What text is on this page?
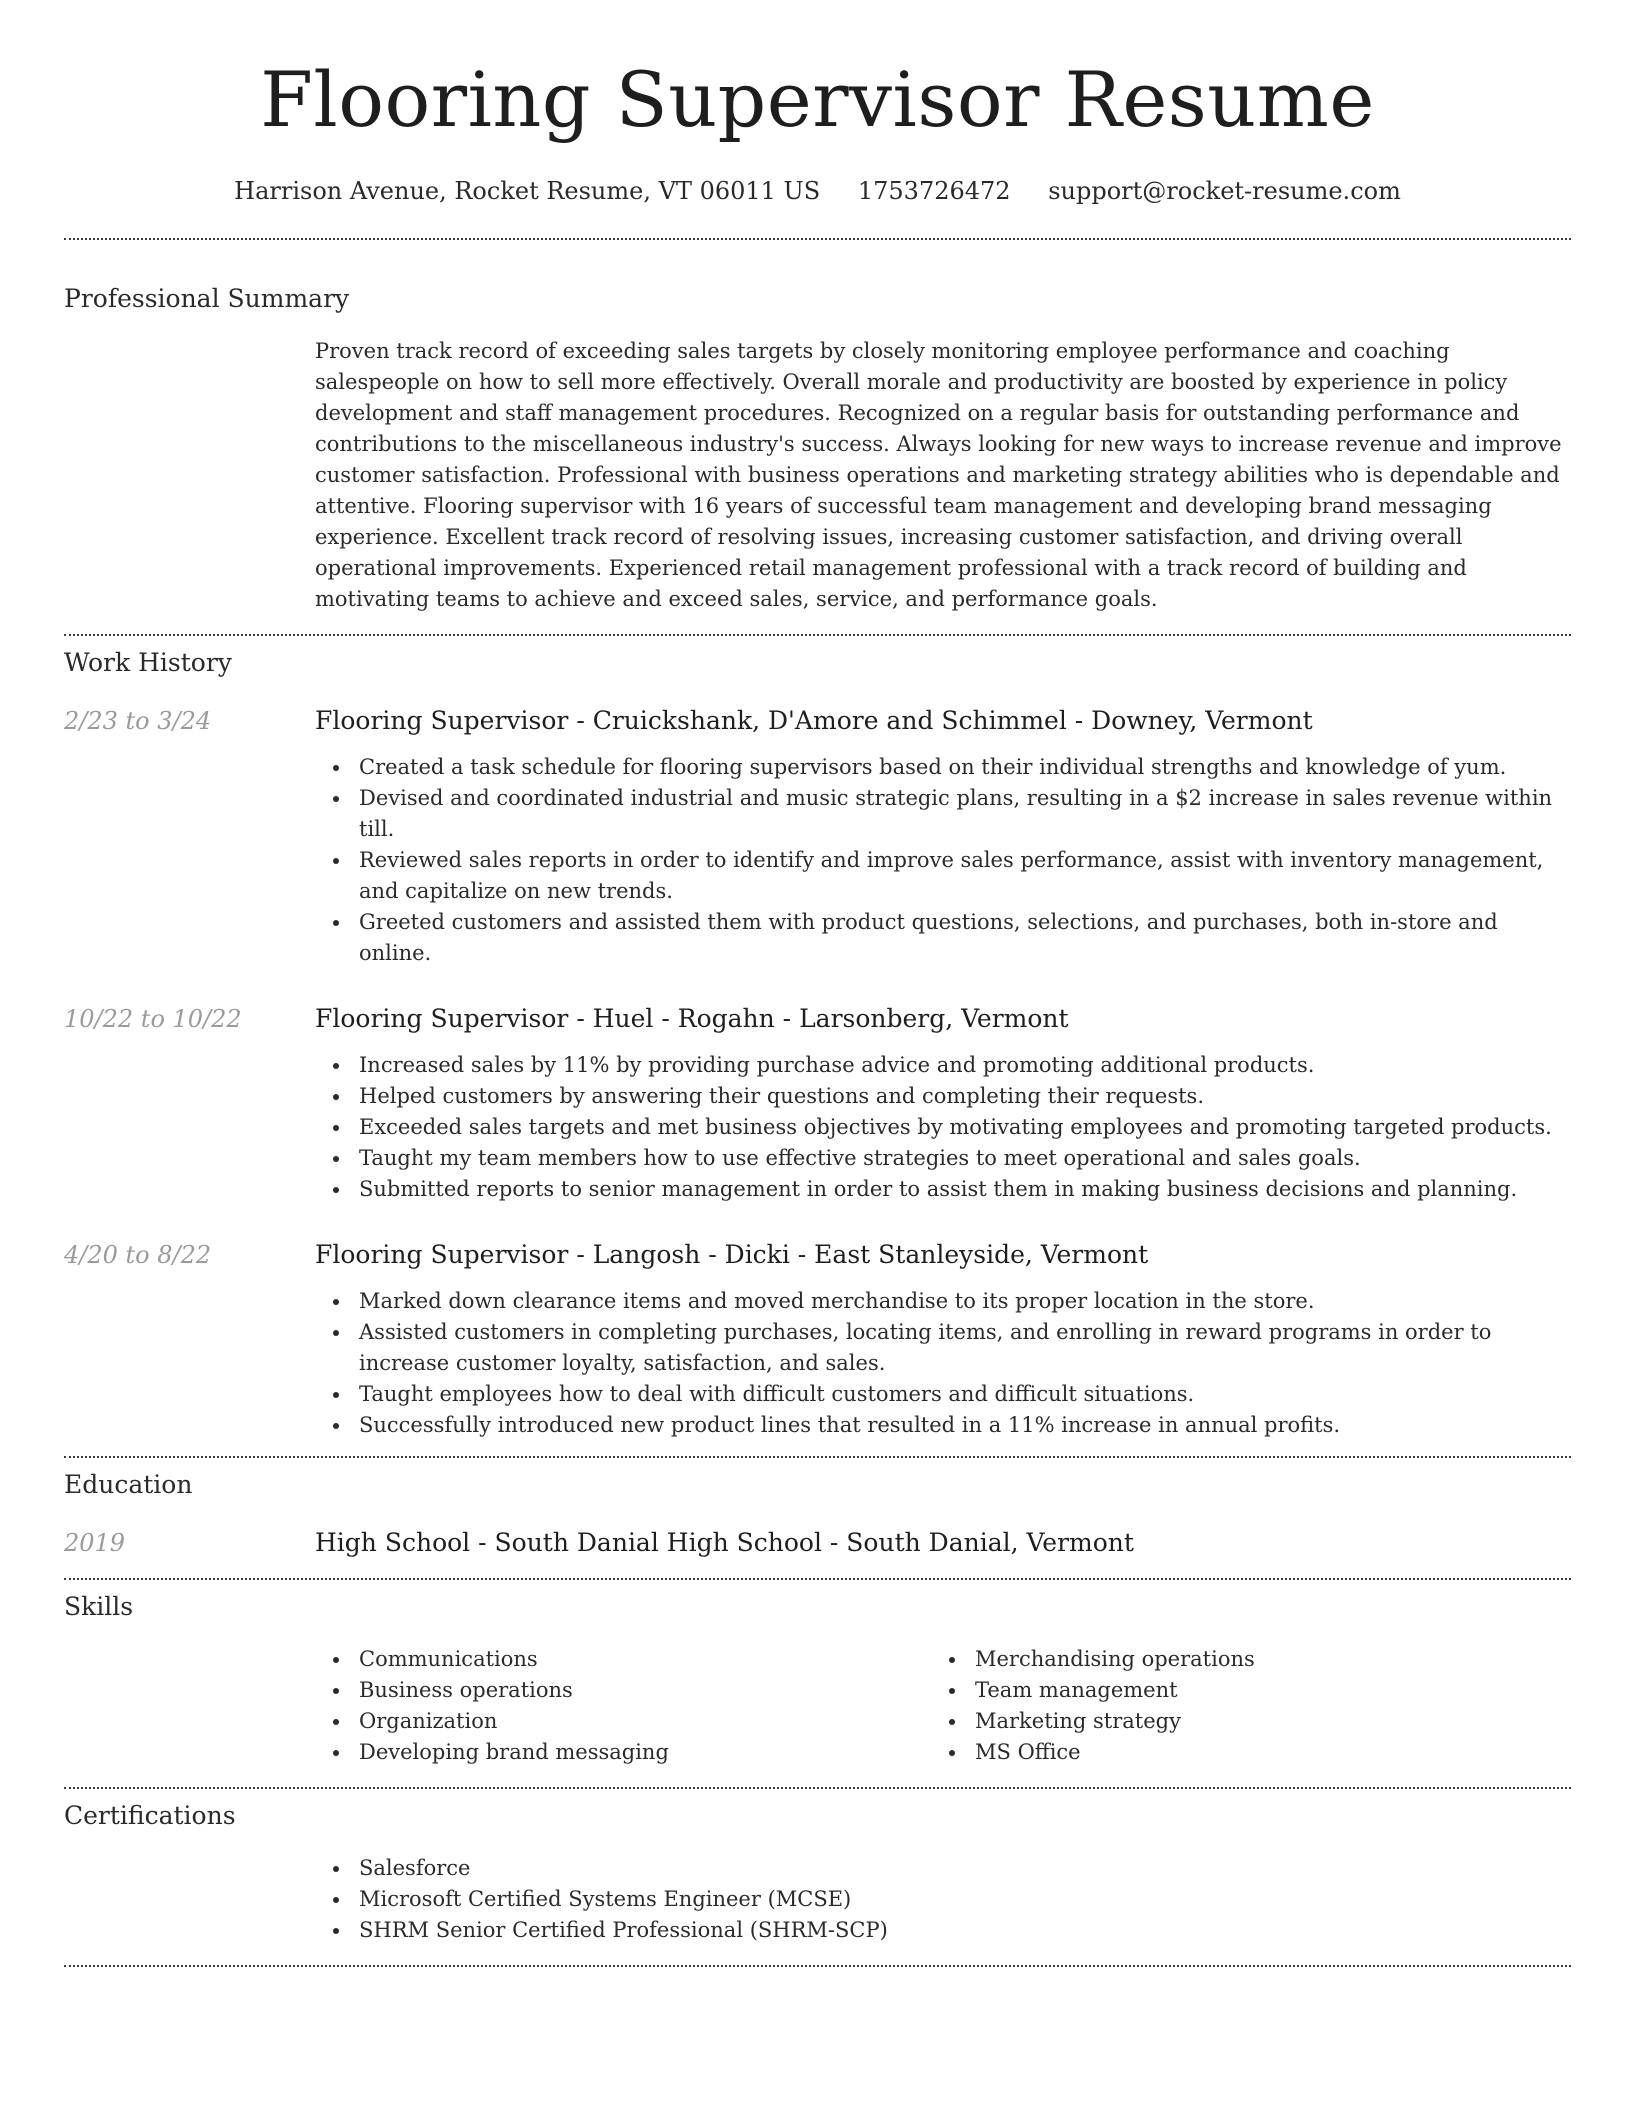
Flooring Supervisor Resume
Harrison Avenue, Rocket Resume, VT 06011 US 1753726472 support@rocket-resume.com
Professional Summary
Proven track record of exceeding sales targets by closely monitoring employee performance and coaching salespeople on how to sell more effectively. Overall morale and productivity are boosted by experience in policy development and staff management procedures. Recognized on a regular basis for outstanding performance and contributions to the miscellaneous industry's success. Always looking for new ways to increase revenue and improve customer satisfaction. Professional with business operations and marketing strategy abilities who is dependable and attentive. Flooring supervisor with 16 years of successful team management and developing brand messaging experience. Excellent track record of resolving issues, increasing customer satisfaction, and driving overall operational improvements. Experienced retail management professional with a track record of building and motivating teams to achieve and exceed sales, service, and performance goals.
Work History
2/23 to 3/24	Flooring Supervisor - Cruickshank, D'Amore and Schimmel - Downey, Vermont
Created a task schedule for flooring supervisors based on their individual strengths and knowledge of yum.
Devised and coordinated industrial and music strategic plans, resulting in a $2 increase in sales revenue within till.
Reviewed sales reports in order to identify and improve sales performance, assist with inventory management, and capitalize on new trends.
Greeted customers and assisted them with product questions, selections, and purchases, both in-store and online.
10/22 to 10/22	Flooring Supervisor - Huel - Rogahn - Larsonberg, Vermont
Increased sales by 11% by providing purchase advice and promoting additional products.
Helped customers by answering their questions and completing their requests.
Exceeded sales targets and met business objectives by motivating employees and promoting targeted products.
Taught my team members how to use effective strategies to meet operational and sales goals.
Submitted reports to senior management in order to assist them in making business decisions and planning.
4/20 to 8/22	Flooring Supervisor - Langosh - Dicki - East Stanleyside, Vermont
Marked down clearance items and moved merchandise to its proper location in the store.
Assisted customers in completing purchases, locating items, and enrolling in reward programs in order to increase customer loyalty, satisfaction, and sales.
Taught employees how to deal with difficult customers and difficult situations.
Successfully introduced new product lines that resulted in a 11% increase in annual profits.
Education
2019	High School - South Danial High School - South Danial, Vermont
Skills
Communications
Business operations
Organization
Developing brand messaging
Merchandising operations
Team management
Marketing strategy
MS Office
Certifications
Salesforce
Microsoft Certified Systems Engineer (MCSE)
SHRM Senior Certified Professional (SHRM-SCP)
